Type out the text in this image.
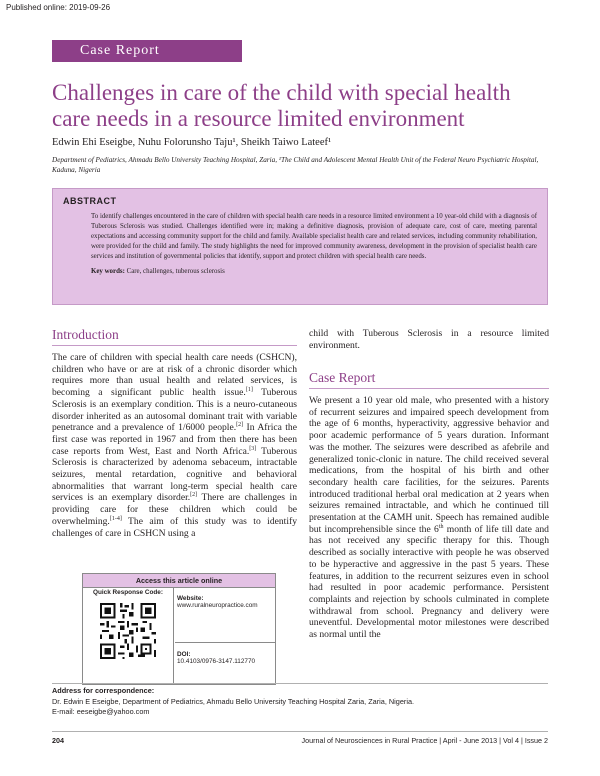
Published online: 2019-09-26
Case Report
Challenges in care of the child with special health care needs in a resource limited environment
Edwin Ehi Eseigbe, Nuhu Folorunsho Taju¹, Sheikh Taiwo Lateef¹
Department of Pediatrics, Ahmadu Bello University Teaching Hospital, Zaria, ¹The Child and Adolescent Mental Health Unit of the Federal Neuro Psychiatric Hospital, Kaduna, Nigeria
ABSTRACT
To identify challenges encountered in the care of children with special health care needs in a resource limited environment a 10 year-old child with a diagnosis of Tuberous Sclerosis was studied. Challenges identified were in; making a definitive diagnosis, provision of adequate care, cost of care, meeting parental expectations and accessing community support for the child and family. Available specialist health care and related services, including community rehabilitation, were provided for the child and family. The study highlights the need for improved community awareness, development in the provision of specialist health care services and institution of governmental policies that identify, support and protect children with special health care needs.
Key words: Care, challenges, tuberous sclerosis
Introduction

The care of children with special health care needs (CSHCN), children who have or are at risk of a chronic disorder which requires more than usual health and related services, is becoming a significant public health issue.[1] Tuberous Sclerosis is an exemplary condition. This is a neuro-cutaneous disorder inherited as an autosomal dominant trait with variable penetrance and a prevalence of 1/6000 people.[2] In Africa the first case was reported in 1967 and from then there has been case reports from West, East and North Africa.[3] Tuberous Sclerosis is characterized by adenoma sebaceum, intractable seizures, mental retardation, cognitive and behavioral abnormalities that warrant long-term special health care services is an exemplary disorder.[2] There are challenges in providing care for these children which could be overwhelming.[1-4] The aim of this study was to identify challenges of care in CSHCN using a

child with Tuberous Sclerosis in a resource limited environment.

Case Report

We present a 10 year old male, who presented with a history of recurrent seizures and impaired speech development from the age of 6 months, hyperactivity, aggressive behavior and poor academic performance of 5 years duration. Informant was the mother. The seizures were described as afebrile and generalized tonic-clonic in nature. The child received several medications, from the hospital of his birth and other secondary health care facilities, for the seizures. Parents introduced traditional herbal oral medication at 2 years when seizures remained intractable, and which he continued till presentation at the CAMH unit. Speech has remained audible but incomprehensible since the 6th month of life till date and has not received any specific therapy for this. Though described as socially interactive with people he was observed to be hyperactive and aggressive in the past 5 years. These features, in addition to the recurrent seizures even in school had resulted in poor academic performance. Persistent complaints and rejection by schools culminated in complete withdrawal from school. Pregnancy and delivery were uneventful. Developmental motor milestones were described as normal until the

Access this article online
Quick Response Code:
Website:
www.ruralneuropractice.com
DOI:
10.4103/0976-3147.112770
Address for correspondence:
Dr. Edwin E Eseigbe, Department of Pediatrics, Ahmadu Bello University Teaching Hospital Zaria, Zaria, Nigeria.
E-mail: eeseigbe@yahoo.com
204	Journal of Neurosciences in Rural Practice | April - June 2013 | Vol 4 | Issue 2
